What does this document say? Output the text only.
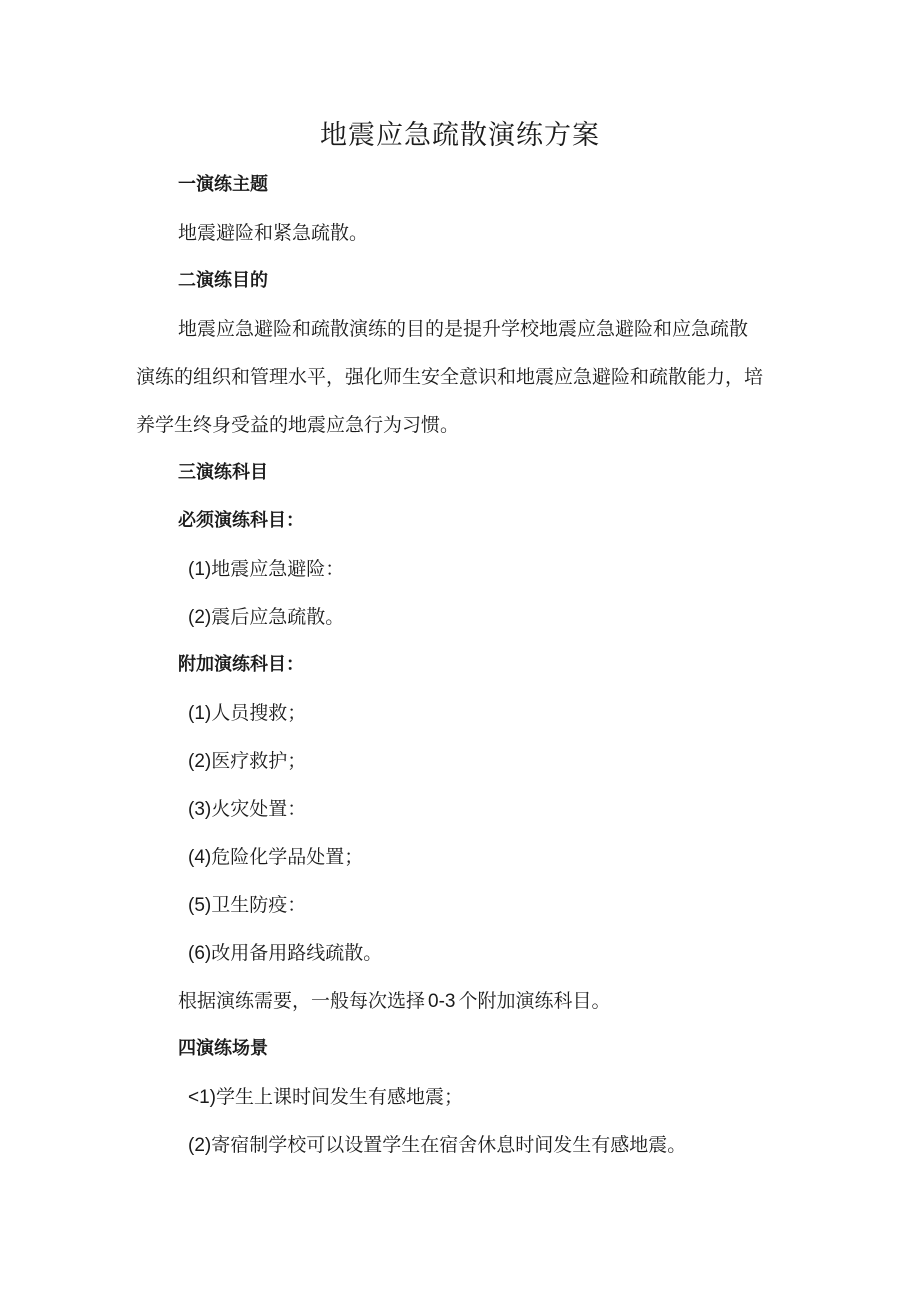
地震应急疏散演练方案
一演练主题
地震避险和紧急疏散。
二演练目的
地震应急避险和疏散演练的目的是提升学校地震应急避险和应急疏散
演练的组织和管理水平，强化师生安全意识和地震应急避险和疏散能力，培
养学生终身受益的地震应急行为习惯。
三演练科目
必须演练科目：
(1)地震应急避险：
(2)震后应急疏散。
附加演练科目：
(1)人员搜救；
(2)医疗救护；
(3)火灾处置：
(4)危险化学品处置；
(5)卫生防疫：
(6)改用备用路线疏散。
根据演练需要，一般每次选择 0-3 个附加演练科目。
四演练场景
<1)学生上课时间发生有感地震；
(2)寄宿制学校可以设置学生在宿舍休息时间发生有感地震。
